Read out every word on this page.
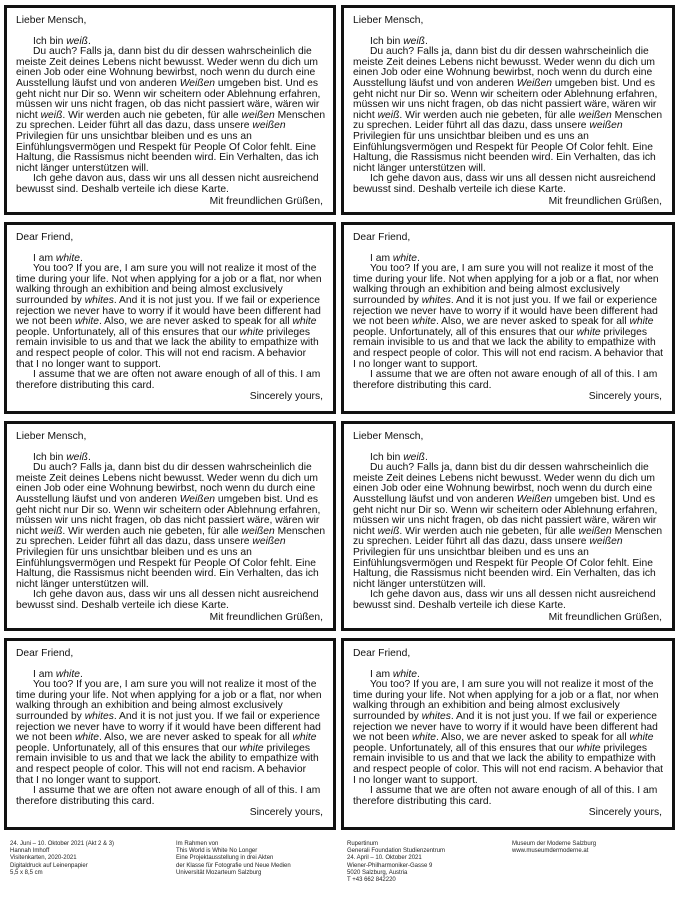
Lieber Mensch,

Ich bin weiß.

Du auch? Falls ja, dann bist du dir dessen wahrscheinlich die meiste Zeit deines Lebens nicht bewusst. Weder wenn du dich um einen Job oder eine Wohnung bewirbst, noch wenn du durch eine Ausstellung läufst und von anderen Weißen umgeben bist. Und es geht nicht nur Dir so. Wenn wir scheitern oder Ablehnung erfahren, müssen wir uns nicht fragen, ob das nicht passiert wäre, wären wir nicht weiß. Wir werden auch nie gebeten, für alle weißen Menschen zu sprechen. Leider führt all das dazu, dass unsere weißen Privilegien für uns unsichtbar bleiben und es uns an Einfühlungsvermögen und Respekt für People Of Color fehlt. Eine Haltung, die Rassismus nicht beenden wird. Ein Verhalten, das ich nicht länger unterstützen will.

Ich gehe davon aus, dass wir uns all dessen nicht ausreichend bewusst sind. Deshalb verteile ich diese Karte.

Mit freundlichen Grüßen,

Lieber Mensch,

Ich bin weiß.

Du auch? Falls ja, dann bist du dir dessen wahrscheinlich die meiste Zeit deines Lebens nicht bewusst. Weder wenn du dich um einen Job oder eine Wohnung bewirbst, noch wenn du durch eine Ausstellung läufst und von anderen Weißen umgeben bist. Und es geht nicht nur Dir so. Wenn wir scheitern oder Ablehnung erfahren, müssen wir uns nicht fragen, ob das nicht passiert wäre, wären wir nicht weiß. Wir werden auch nie gebeten, für alle weißen Menschen zu sprechen. Leider führt all das dazu, dass unsere weißen Privilegien für uns unsichtbar bleiben und es uns an Einfühlungsvermögen und Respekt für People Of Color fehlt. Eine Haltung, die Rassismus nicht beenden wird. Ein Verhalten, das ich nicht länger unterstützen will.

Ich gehe davon aus, dass wir uns all dessen nicht ausreichend bewusst sind. Deshalb verteile ich diese Karte.

Mit freundlichen Grüßen,

Dear Friend,

I am white.

You too? If you are, I am sure you will not realize it most of the time during your life. Not when applying for a job or a flat, nor when walking through an exhibition and being almost exclusively surrounded by whites. And it is not just you. If we fail or experience rejection we never have to worry if it would have been different had we not been white. Also, we are never asked to speak for all white people. Unfortunately, all of this ensures that our white privileges remain invisible to us and that we lack the ability to empathize with and respect people of color. This will not end racism. A behavior that I no longer want to support.

I assume that we are often not aware enough of all of this. I am therefore distributing this card.

Sincerely yours,

Dear Friend,

I am white.

You too? If you are, I am sure you will not realize it most of the time during your life. Not when applying for a job or a flat, nor when walking through an exhibition and being almost exclusively surrounded by whites. And it is not just you. If we fail or experience rejection we never have to worry if it would have been different had we not been white. Also, we are never asked to speak for all white people. Unfortunately, all of this ensures that our white privileges remain invisible to us and that we lack the ability to empathize with and respect people of color. This will not end racism. A behavior that I no longer want to support.

I assume that we are often not aware enough of all of this. I am therefore distributing this card.

Sincerely yours,

Lieber Mensch,

Ich bin weiß.

Du auch? Falls ja, dann bist du dir dessen wahrscheinlich die meiste Zeit deines Lebens nicht bewusst. Weder wenn du dich um einen Job oder eine Wohnung bewirbst, noch wenn du durch eine Ausstellung läufst und von anderen Weißen umgeben bist. Und es geht nicht nur Dir so. Wenn wir scheitern oder Ablehnung erfahren, müssen wir uns nicht fragen, ob das nicht passiert wäre, wären wir nicht weiß. Wir werden auch nie gebeten, für alle weißen Menschen zu sprechen. Leider führt all das dazu, dass unsere weißen Privilegien für uns unsichtbar bleiben und es uns an Einfühlungsvermögen und Respekt für People Of Color fehlt. Eine Haltung, die Rassismus nicht beenden wird. Ein Verhalten, das ich nicht länger unterstützen will.

Ich gehe davon aus, dass wir uns all dessen nicht ausreichend bewusst sind. Deshalb verteile ich diese Karte.

Mit freundlichen Grüßen,

Lieber Mensch,

Ich bin weiß.

Du auch? Falls ja, dann bist du dir dessen wahrscheinlich die meiste Zeit deines Lebens nicht bewusst. Weder wenn du dich um einen Job oder eine Wohnung bewirbst, noch wenn du durch eine Ausstellung läufst und von anderen Weißen umgeben bist. Und es geht nicht nur Dir so. Wenn wir scheitern oder Ablehnung erfahren, müssen wir uns nicht fragen, ob das nicht passiert wäre, wären wir nicht weiß. Wir werden auch nie gebeten, für alle weißen Menschen zu sprechen. Leider führt all das dazu, dass unsere weißen Privilegien für uns unsichtbar bleiben und es uns an Einfühlungsvermögen und Respekt für People Of Color fehlt. Eine Haltung, die Rassismus nicht beenden wird. Ein Verhalten, das ich nicht länger unterstützen will.

Ich gehe davon aus, dass wir uns all dessen nicht ausreichend bewusst sind. Deshalb verteile ich diese Karte.

Mit freundlichen Grüßen,

Dear Friend,

I am white.

You too? If you are, I am sure you will not realize it most of the time during your life. Not when applying for a job or a flat, nor when walking through an exhibition and being almost exclusively surrounded by whites. And it is not just you. If we fail or experience rejection we never have to worry if it would have been different had we not been white. Also, we are never asked to speak for all white people. Unfortunately, all of this ensures that our white privileges remain invisible to us and that we lack the ability to empathize with and respect people of color. This will not end racism. A behavior that I no longer want to support.

I assume that we are often not aware enough of all of this. I am therefore distributing this card.

Sincerely yours,

Dear Friend,

I am white.

You too? If you are, I am sure you will not realize it most of the time during your life. Not when applying for a job or a flat, nor when walking through an exhibition and being almost exclusively surrounded by whites. And it is not just you. If we fail or experience rejection we never have to worry if it would have been different had we not been white. Also, we are never asked to speak for all white people. Unfortunately, all of this ensures that our white privileges remain invisible to us and that we lack the ability to empathize with and respect people of color. This will not end racism. A behavior that I no longer want to support.

I assume that we are often not aware enough of all of this. I am therefore distributing this card.

Sincerely yours,

24. Juni – 10. Oktober 2021 (Akt 2 & 3)
Hannah Imhoff
Visitenkarten, 2020-2021
Digitaldruck auf Leinenpapier
5,5 x 8,5 cm
Im Rahmen von
This World is White No Longer
Eine Projektausstellung in drei Akten
der Klasse für Fotografie und Neue Medien
Universität Mozarteum Salzburg
Rupertinum
Generali Foundation Studienzentrum
24. April – 10. Oktober 2021
Wiener-Philharmoniker-Gasse 9
5020 Salzburg, Austria
T +43 662 842220
Museum der Moderne Salzburg
www.museumdermoderne.at
